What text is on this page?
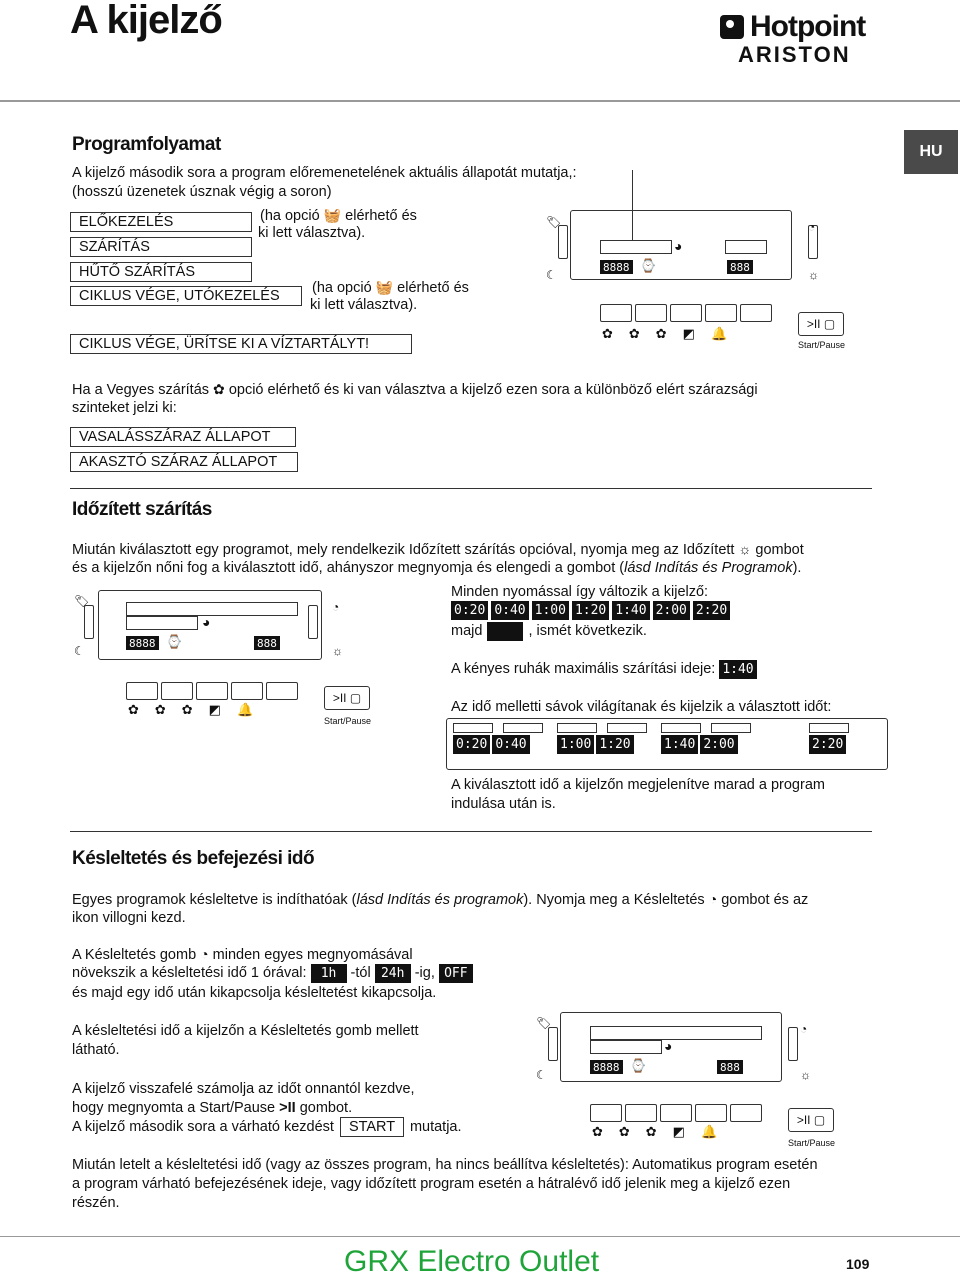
A kijelző	Hotpoint
ARISTON
HU
Programfolyamat
A kijelző második sora a program előremenetelének aktuális állapotát mutatja,:
(hosszú üzenetek úsznak végig a soron)
ELŐKEZELÉS
SZÁRÍTÁS
HŰTŐ SZÁRÍTÁS
CIKLUS VÉGE, UTÓKEZELÉS
CIKLUS VÉGE, ÜRÍTSE KI A VÍZTARTÁLYT!
(ha opció 🧺 elérhető és
ki lett választva).
(ha opció 🧺 elérhető és
ki lett választva).
◕
8888 ⌚	888
🏷
☾
◔
☼
✿✿✿◩🔔
>II ▢
Start/Pause
Ha a Vegyes szárítás ✿ opció elérhető és ki van választva a kijelző ezen sora a különböző elért szárazsági
szinteket jelzi ki:
VASALÁSSZÁRAZ ÁLLAPOT
AKASZTÓ SZÁRAZ ÁLLAPOT
Időzített szárítás
Miután kiválasztott egy programot, mely rendelkezik Időzített szárítás opcióval, nyomja meg az Időzített ☼ gombot
és a kijelzőn nőni fog a kiválasztott idő, ahányszor megnyomja és elengedi a gombot (lásd Indítás és Programok).
◕
8888 ⌚	888
🏷
☾
◔
☼
✿✿✿◩🔔
>II ▢
Start/Pause
Minden nyomással így változik a kijelző:
0:20 0:40 1:00 1:20 1:40 2:00 2:20
majd	, ismét következik.
A kényes ruhák maximális szárítási ideje: 1:40
Az idő melletti sávok világítanak és kijelzik a választott időt:
0:20 0:40	1:00 1:20	1:40 2:00	2:20
A kiválasztott idő a kijelzőn megjelenítve marad a program
indulása után is.
Késleltetés és befejezési idő
Egyes programok késleltetve is indíthatóak (lásd Indítás és programok). Nyomja meg a Késleltetés ◔ gombot és az
ikon villogni kezd.
A Késleltetés gomb ◔ minden egyes megnyomásával
növekszik a késleltetési idő 1 órával:	1h -tól 24h -ig, OFF
és majd egy idő után kikapcsolja késleltetést kikapcsolja.
A késleltetési idő a kijelzőn a Késleltetés gomb mellett
látható.
A kijelző visszafelé számolja az időt onnantól kezdve,
hogy megnyomta a Start/Pause >II gombot.
A kijelző második sora a várható kezdést	START	mutatja.
◕
8888 ⌚	888
🏷
☾
◔
☼
✿✿✿◩🔔
>II ▢
Start/Pause
Miután letelt a késleltetési idő (vagy az összes program, ha nincs beállítva késleltetés): Automatikus program esetén
a program várható befejezésének ideje, vagy időzített program esetén a hátralévő idő jelenik meg a kijelző ezen
részén.
GRX Electro Outlet	109
